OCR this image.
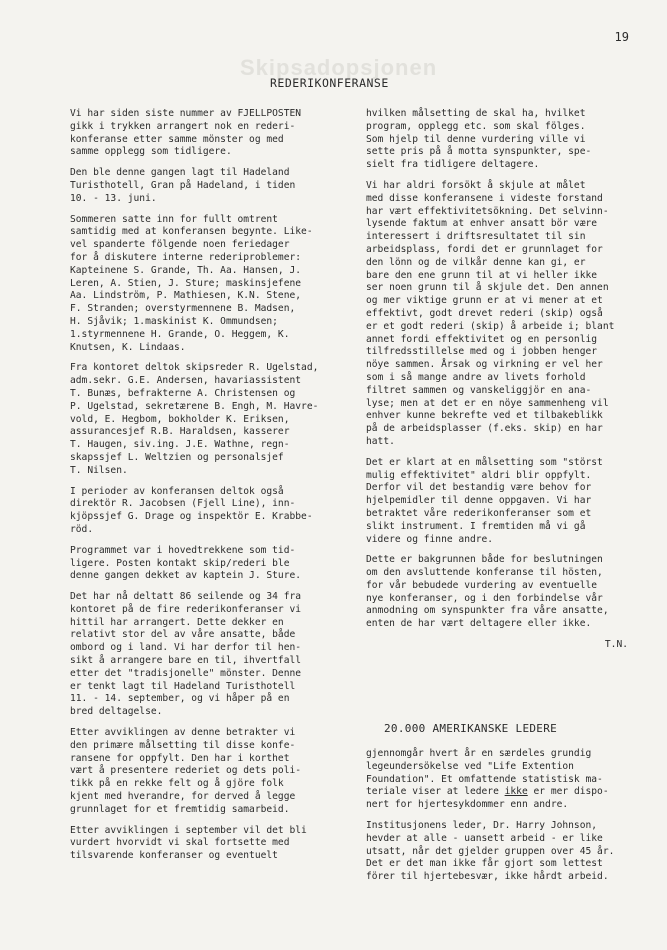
Skipsadopsjonen
19
REDERIKONFERANSE

Vi har siden siste nummer av FJELLPOSTEN
gikk i trykken arrangert nok en rederi-
konferanse etter samme mönster og med
samme opplegg som tidligere.

Den ble denne gangen lagt til Hadeland
Turisthotell, Gran på Hadeland, i tiden
10. - 13. juni.

Sommeren satte inn for fullt omtrent
samtidig med at konferansen begynte. Like-
vel spanderte fölgende noen feriedager
for å diskutere interne rederiproblemer:
Kapteinene S. Grande, Th. Aa. Hansen, J.
Leren, A. Stien, J. Sture; maskinsjefene
Aa. Lindström, P. Mathiesen, K.N. Stene,
F. Stranden; overstyrmennene B. Madsen,
H. Sjåvik; 1.maskinist K. Ommundsen;
1.styrmennene H. Grande, O. Heggem, K.
Knutsen, K. Lindaas.

Fra kontoret deltok skipsreder R. Ugelstad,
adm.sekr. G.E. Andersen, havariassistent
T. Bunæs, befrakterne A. Christensen og
P. Ugelstad, sekretærene B. Engh, M. Havre-
vold, E. Hegbom, bokholder K. Eriksen,
assurancesjef R.B. Haraldsen, kasserer
T. Haugen, siv.ing. J.E. Wathne, regn-
skapssjef L. Weltzien og personalsjef
T. Nilsen.

I perioder av konferansen deltok også
direktör R. Jacobsen (Fjell Line), inn-
kjöpssjef G. Drage og inspektör E. Krabbe-
röd.

Programmet var i hovedtrekkene som tid-
ligere. Posten kontakt skip/rederi ble
denne gangen dekket av kaptein J. Sture.

Det har nå deltatt 86 seilende og 34 fra
kontoret på de fire rederikonferanser vi
hittil har arrangert. Dette dekker en
relativt stor del av våre ansatte, både
ombord og i land. Vi har derfor til hen-
sikt å arrangere bare en til, ihvertfall
etter det "tradisjonelle" mönster. Denne
er tenkt lagt til Hadeland Turisthotell
11. - 14. september, og vi håper på en
bred deltagelse.

Etter avviklingen av denne betrakter vi
den primære målsetting til disse konfe-
ransene for oppfylt. Den har i korthet
vært å presentere rederiet og dets poli-
tikk på en rekke felt og å gjöre folk
kjent med hverandre, for derved å legge
grunnlaget for et fremtidig samarbeid.

Etter avviklingen i september vil det bli
vurdert hvorvidt vi skal fortsette med
tilsvarende konferanser og eventuelt

hvilken målsetting de skal ha, hvilket
program, opplegg etc. som skal fölges.
Som hjelp til denne vurdering ville vi
sette pris på å motta synspunkter, spe-
sielt fra tidligere deltagere.

Vi har aldri forsökt å skjule at målet
med disse konferansene i videste forstand
har vært effektivitetsökning. Det selvinn-
lysende faktum at enhver ansatt bör være
interessert i driftsresultatet til sin
arbeidsplass, fordi det er grunnlaget for
den lönn og de vilkår denne kan gi, er
bare den ene grunn til at vi heller ikke
ser noen grunn til å skjule det. Den annen
og mer viktige grunn er at vi mener at et
effektivt, godt drevet rederi (skip) også
er et godt rederi (skip) å arbeide i; blant
annet fordi effektivitet og en personlig
tilfredsstillelse med og i jobben henger
nöye sammen. Årsak og virkning er vel her
som i så mange andre av livets forhold
filtret sammen og vanskeliggjör en ana-
lyse; men at det er en nöye sammenheng vil
enhver kunne bekrefte ved et tilbakeblikk
på de arbeidsplasser (f.eks. skip) en har
hatt.

Det er klart at en målsetting som "störst
mulig effektivitet" aldri blir oppfylt.
Derfor vil det bestandig være behov for
hjelpemidler til denne oppgaven. Vi har
betraktet våre rederikonferanser som et
slikt instrument. I fremtiden må vi gå
videre og finne andre.

Dette er bakgrunnen både for beslutningen
om den avsluttende konferanse til hösten,
for vår bebudede vurdering av eventuelle
nye konferanser, og i den forbindelse vår
anmodning om synspunkter fra våre ansatte,
enten de har vært deltagere eller ikke.

T.N.
20.000 AMERIKANSKE LEDERE

gjennomgår hvert år en særdeles grundig
legeundersökelse ved "Life Extention
Foundation". Et omfattende statistisk ma-
teriale viser at ledere ikke er mer dispo-
nert for hjertesykdommer enn andre.

Institusjonens leder, Dr. Harry Johnson,
hevder at alle - uansett arbeid - er like
utsatt, når det gjelder gruppen over 45 år.
Det er det man ikke får gjort som lettest
förer til hjertebesvær, ikke hårdt arbeid.
